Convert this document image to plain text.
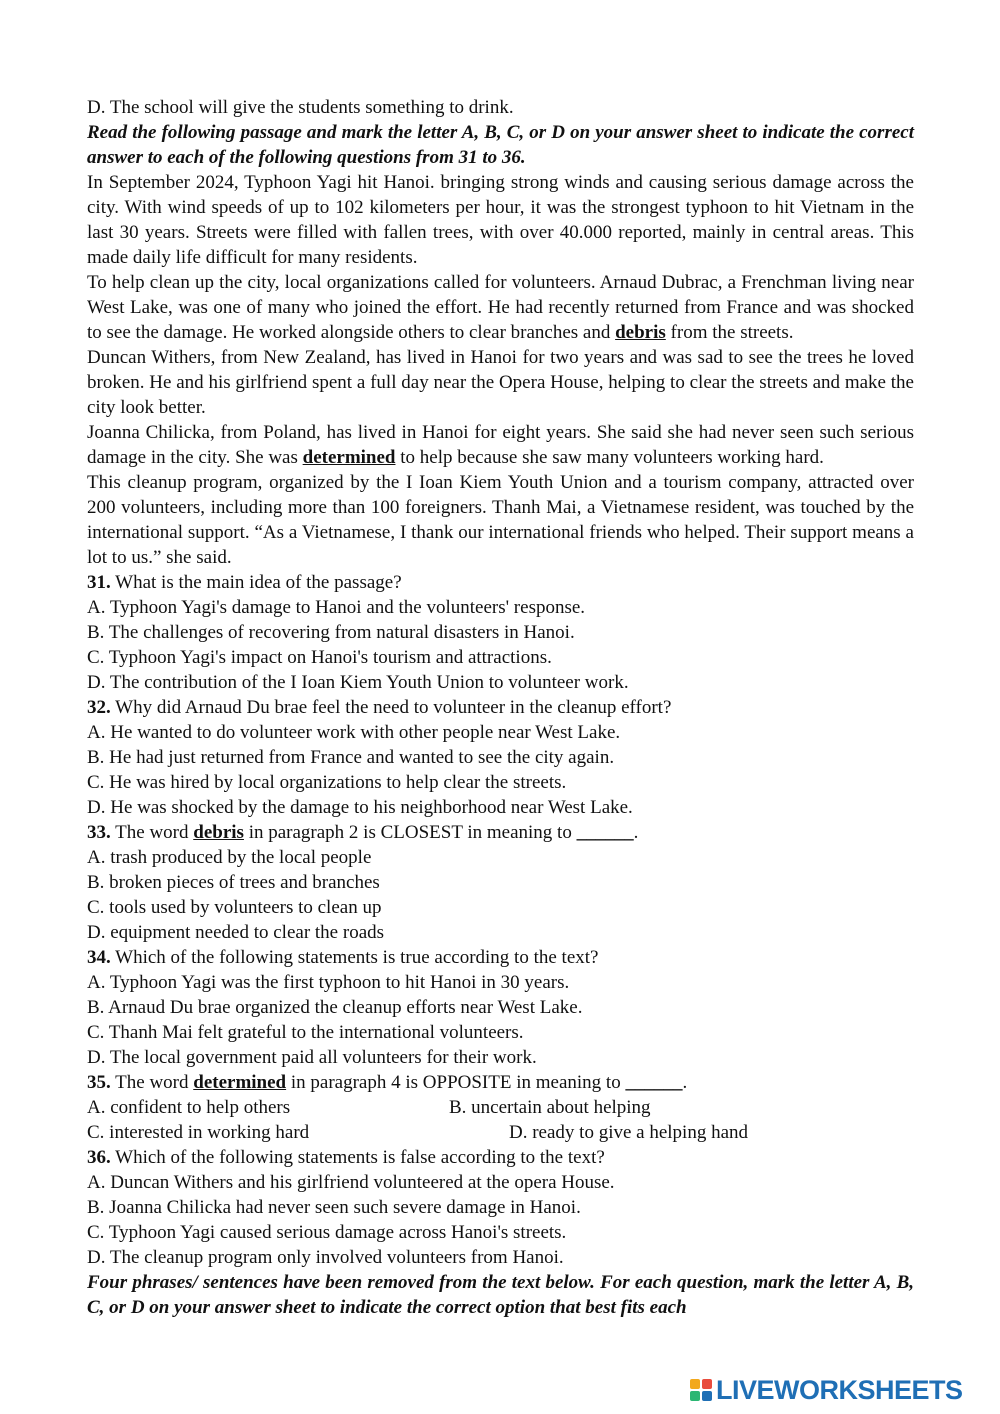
D. The school will give the students something to drink.
Read the following passage and mark the letter A, B, C, or D on your answer sheet to indicate the correct answer to each of the following questions from 31 to 36.
In September 2024, Typhoon Yagi hit Hanoi. bringing strong winds and causing serious damage across the city. With wind speeds of up to 102 kilometers per hour, it was the strongest typhoon to hit Vietnam in the last 30 years. Streets were filled with fallen trees, with over 40.000 reported, mainly in central areas. This made daily life difficult for many residents.
To help clean up the city, local organizations called for volunteers. Arnaud Dubrac, a Frenchman living near West Lake, was one of many who joined the effort. He had recently returned from France and was shocked to see the damage. He worked alongside others to clear branches and debris from the streets.
Duncan Withers, from New Zealand, has lived in Hanoi for two years and was sad to see the trees he loved broken. He and his girlfriend spent a full day near the Opera House, helping to clear the streets and make the city look better.
Joanna Chilicka, from Poland, has lived in Hanoi for eight years. She said she had never seen such serious damage in the city. She was determined to help because she saw many volunteers working hard.
This cleanup program, organized by the I Ioan Kiem Youth Union and a tourism company, attracted over 200 volunteers, including more than 100 foreigners. Thanh Mai, a Vietnamese resident, was touched by the international support. “As a Vietnamese, I thank our international friends who helped. Their support means a lot to us.” she said.
31. What is the main idea of the passage?
A. Typhoon Yagi's damage to Hanoi and the volunteers' response.
B. The challenges of recovering from natural disasters in Hanoi.
C. Typhoon Yagi's impact on Hanoi's tourism and attractions.
D. The contribution of the I Ioan Kiem Youth Union to volunteer work.
32. Why did Arnaud Du brae feel the need to volunteer in the cleanup effort?
A. He wanted to do volunteer work with other people near West Lake.
B. He had just returned from France and wanted to see the city again.
C. He was hired by local organizations to help clear the streets.
D. He was shocked by the damage to his neighborhood near West Lake.
33. The word debris in paragraph 2 is CLOSEST in meaning to ______.
A. trash produced by the local people
B. broken pieces of trees and branches
C. tools used by volunteers to clean up
D. equipment needed to clear the roads
34. Which of the following statements is true according to the text?
A. Typhoon Yagi was the first typhoon to hit Hanoi in 30 years.
B. Arnaud Du brae organized the cleanup efforts near West Lake.
C. Thanh Mai felt grateful to the international volunteers.
D. The local government paid all volunteers for their work.
35. The word determined in paragraph 4 is OPPOSITE in meaning to ______.
A. confident to help others	B. uncertain about helping
C. interested in working hard	D. ready to give a helping hand
36. Which of the following statements is false according to the text?
A. Duncan Withers and his girlfriend volunteered at the opera House.
B. Joanna Chilicka had never seen such severe damage in Hanoi.
C. Typhoon Yagi caused serious damage across Hanoi's streets.
D. The cleanup program only involved volunteers from Hanoi.
Four phrases/ sentences have been removed from the text below. For each question, mark the letter A, B, C, or D on your answer sheet to indicate the correct option that best fits each
LIVEWORKSHEETS
